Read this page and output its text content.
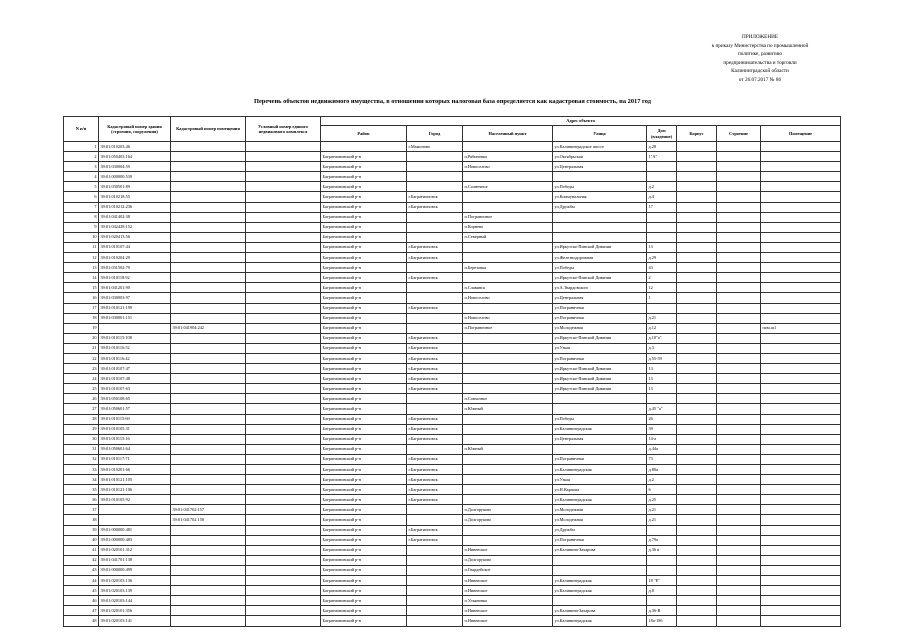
ПРИЛОЖЕНИЕ
к приказу Министерства по промышленной
политике, развитию
предпринимательства и торговли
Калининградской области
от 26.07.2017 № 86
Перечень объектов недвижимого имущества, в отношении которых налоговая база определяется как кадастровая стоимость, на 2017 год
N п/п	Кадастровый номер здания (строения, сооружения)	Кадастровый номер помещения	Условный номер единого недвижимого комплекса	Адрес объекта							
				Район	Город	Населенный пункт	Улица	Дом (владение)	Корпус	Строение	Помещение
1	39:01:010203:46				г.Мамоново		ул.Калининградское шоссе	д.28			
2	39:01:050403:164			Багратионовский р-н		п.Рябиновка	ул.Октябрьская	1"А"			
3	39:01:030004:59			Багратионовский р-н		п.Новоселово	ул.Центральная				
4	39:01:000000:539			Багратионовский р-н							
5	39:01:030501:89			Багратионовский р-н		п.Солнечное	ул.Победы	д.2			
6	39:01:010218:55			Багратионовский р-н	г.Багратионовск		ул.Коммунальная	д.4			
7	39:01:010212:236			Багратионовский р-н	г.Багратионовск		ул.Дружбы	17			
8	39:01:041402:38			Багратионовский р-н		п.Пограничное					
9	39:01:042428:152			Багратионовский р-н		п.Корнево					
10	39:01:020413:56			Багратионовский р-н		п.Северный					
11	39:01:010107:44			Багратионовский р-н	г.Багратионовск		ул.Иркутско-Пинской Дивизии	13			
12	39:01:010204:29			Багратионовский р-н	г.Багратионовск		ул.Железнодорожная	д.29			
13	39:01:031502:79			Багратионовский р-н		п.Березовка	ул.Победы	43			
14	39:01:010118:92			Багратионовский р-н	г.Багратионовск		ул.Иркутско-Пинской Дивизии	2			
15	39:01:041201:90			Багратионовский р-н		п.Славянск	ул.А.Твардовского	12			
16	39:01:030003:97			Багратионовский р-н		п.Новоселово	ул.Центральная	1			
17	39:01:010121:199			Багратионовский р-н	г.Багратионовск		ул.Пограничная				
18	39:01:030001:151			Багратионовский р-н		п.Новоселово	ул.Пограничная	д.21			
19		39:01:041904:242		Багратионовский р-н		п.Пограничное	ул.Молодежная	д.12			пом.ш1
20	39:01:010115:108			Багратионовский р-н	г.Багратионовск		ул.Иркутско-Пинской Дивизии	д.10"а"			
21	39:01:010116:52			Багратионовский р-н	г.Багратионовск		ул.Узкая	д.3			
22	39:01:010116:42			Багратионовский р-н	г.Багратионовск		ул.Пограничная	д.55-59			
23	39:01:010107:47			Багратионовский р-н	г.Багратионовск		ул.Иркутско-Пинской Дивизии	13			
24	39:01:010107:48			Багратионовский р-н	г.Багратионовск		ул.Иркутско-Пинской Дивизии	13			
25	39:01:010107:63			Багратионовский р-н	г.Багратионовск		ул.Иркутско-Пинской Дивизии	13			
26	39:01:050108:65			Багратионовский р-н		п.Совхозное					
27	39:01:050601:57			Багратионовский р-н		п.Южный		д.45 "а"			
28	39:01:010115:69			Багратионовский р-н	г.Багратионовск		ул.Победы	26			
29	39:01:010105:31			Багратионовский р-н	г.Багратионовск		ул.Калининградская	39			
30	39:01:010115:16			Багратионовский р-н	г.Багратионовск		ул.Центральная	14-а			
31	39:01:050601:64			Багратионовский р-н		п.Южный		д.44а			
32	39:01:010117:71			Багратионовский р-н	г.Багратионовск		ул.Пограничная	73			
33	39:01:010201:66			Багратионовский р-н	г.Багратионовск		ул.Калининградская	д.80а			
34	39:01:010121:105			Багратионовский р-н	г.Багратионовск		ул.Узкая	д.2			
35	39:01:010121:106			Багратионовский р-н	г.Багратионовск		ул.Н.Карпова	6			
36	39:01:010105:92			Багратионовский р-н	г.Багратионовск		ул.Калининградская	д.25			
37		39:01:041702:157		Багратионовский р-н		п.Долгоруково	ул.Молодежная	д.21			
38		39:01:041702:158		Багратионовский р-н		п.Долгоруково	ул.Молодежная	д.21			
39	39:01:000000:481			Багратионовский р-н	г.Багратионовск		ул.Дружбы				
40	39:01:000000:483			Багратионовский р-н	г.Багратионовск		ул.Пограничная	д.79а			
41	39:01:020101:312			Багратионовский р-н		п.Нивенское	ул.Калинина-Захарова	д.36 в			
42	39:01:041701:138			Багратионовский р-н		п.Долгоруково					
43	39:01:000000:499			Багратионовский р-н		п.Гвардейское					
44	39:01:020103:136			Багратионовский р-н		п.Нивенское	ул.Калининградская	18 "Е"			
45	39:01:020103:139			Багратионовский р-н		п.Нивенское	ул.Калининградская	д.8			
46	39:01:020103:144			Багратионовский р-н		п.Ульяновка					
47	39:01:020101:356			Багратионовский р-н		п.Нивенское	ул.Калинина-Захарова	д.36-В			
48	39:01:020103:141			Багратионовский р-н		п.Нивенское	ул.Калининградская	18а-18б			
